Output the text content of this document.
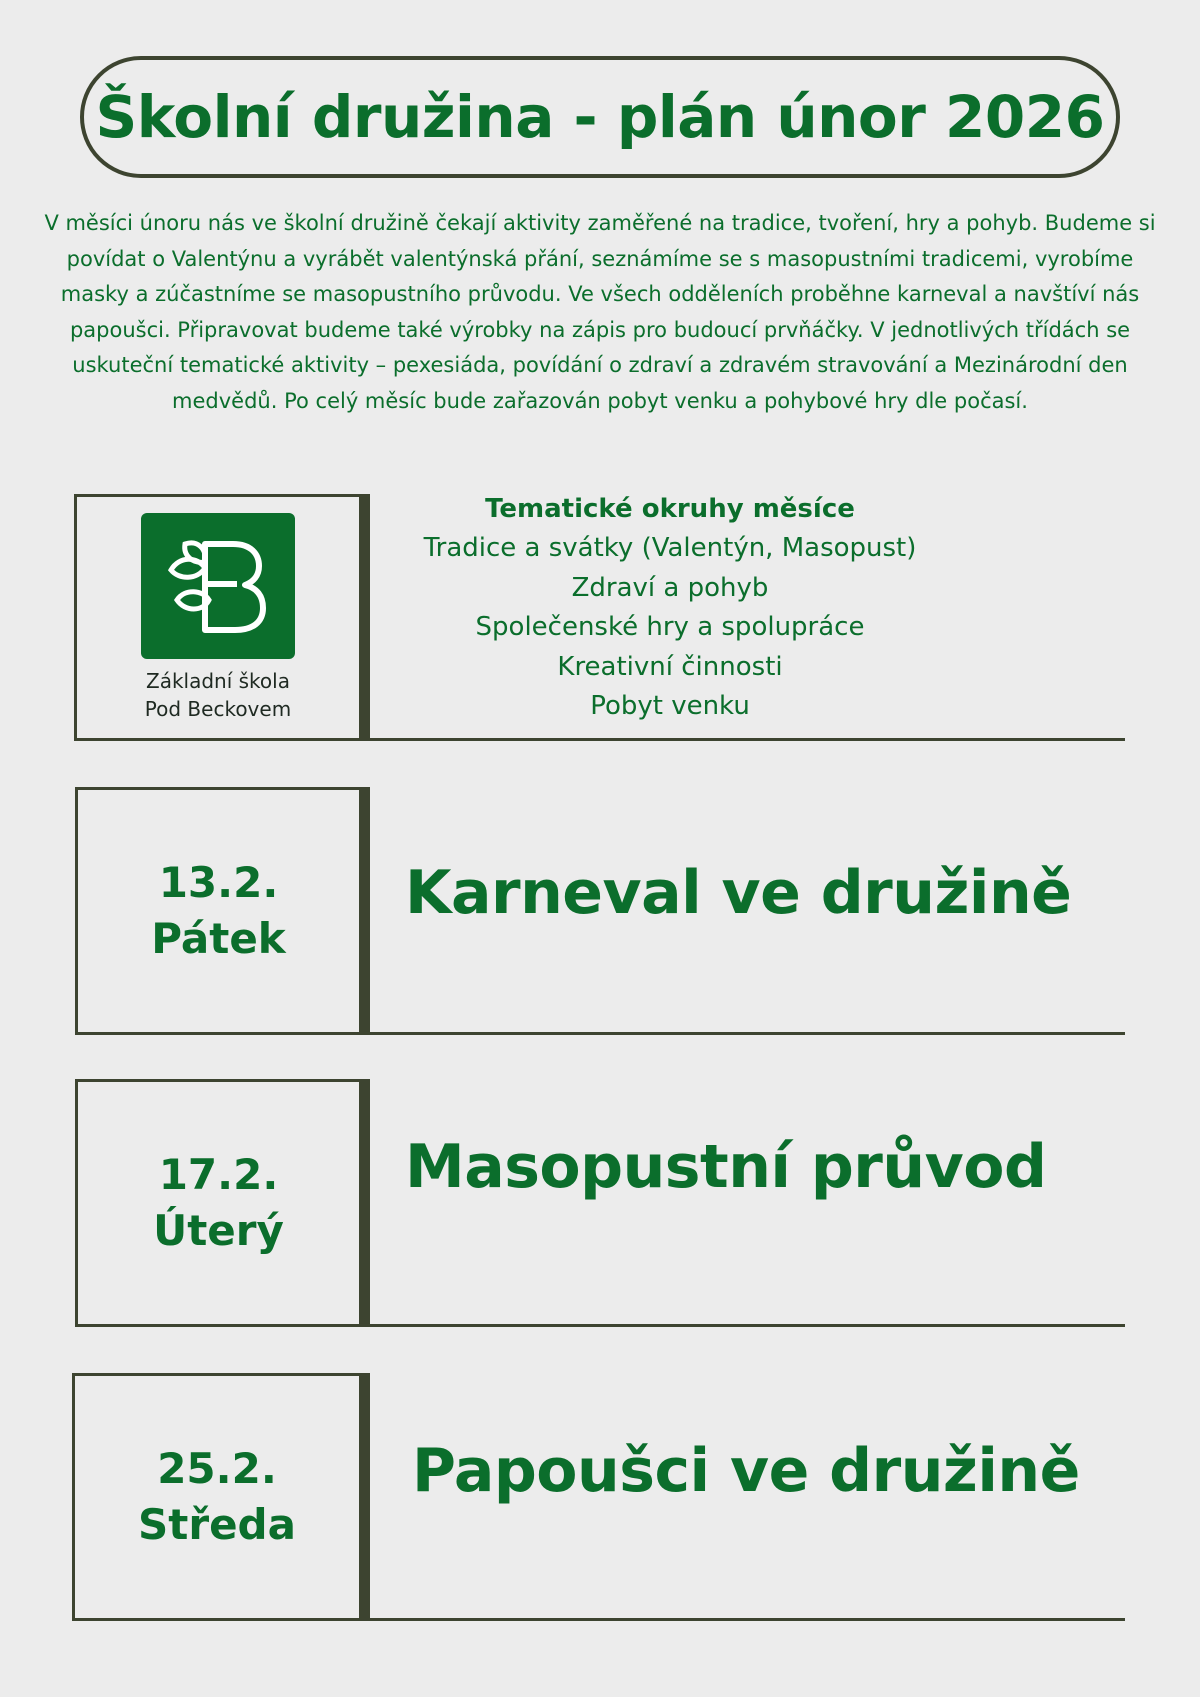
Školní družina - plán únor 2026

V měsíci únoru nás ve školní družině čekají aktivity zaměřené na tradice, tvoření, hry a pohyb. Budeme si povídat o Valentýnu a vyrábět valentýnská přání, seznámíme se s masopustními tradicemi, vyrobíme masky a zúčastníme se masopustního průvodu. Ve všech odděleních proběhne karneval a navštíví nás papoušci. Připravovat budeme také výrobky na zápis pro budoucí prvňáčky. V jednotlivých třídách se uskuteční tematické aktivity – pexesiáda, povídání o zdraví a zdravém stravování a Mezinárodní den medvědů. Po celý měsíc bude zařazován pobyt venku a pohybové hry dle počasí.

Základní škola
Pod Beckovem
Tematické okruhy měsíce
Tradice a svátky (Valentýn, Masopust)
Zdraví a pohyb
Společenské hry a spolupráce
Kreativní činnosti
Pobyt venku
13.2.
Pátek
Karneval ve družině
17.2.
Úterý
Masopustní průvod
25.2.
Středa
Papoušci ve družině
